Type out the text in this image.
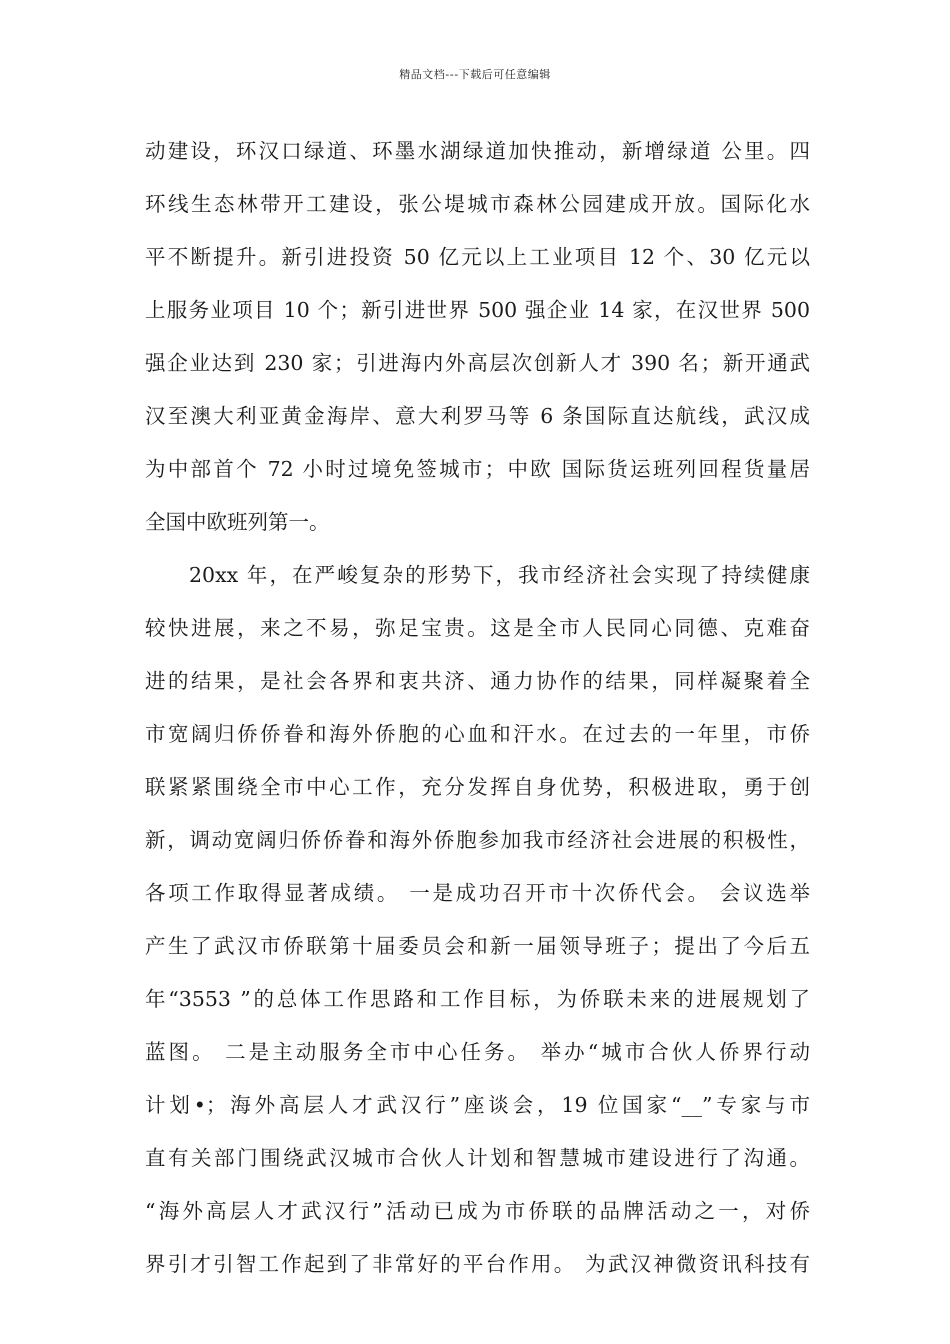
精品文档---下载后可任意编辑
动建设，环汉口绿道、环墨水湖绿道加快推动，新增绿道 公里。四
环线生态林带开工建设，张公堤城市森林公园建成开放。国际化水
平不断提升。新引进投资 50 亿元以上工业项目 12 个、30 亿元以
上服务业项目 10 个；新引进世界 500 强企业 14 家，在汉世界 500
强企业达到 230 家；引进海内外高层次创新人才 390 名；新开通武
汉至澳大利亚黄金海岸、意大利罗马等 6 条国际直达航线，武汉成
为中部首个 72 小时过境免签城市；中欧 国际货运班列回程货量居
全国中欧班列第一。
20xx 年，在严峻复杂的形势下，我市经济社会实现了持续健康
较快进展，来之不易，弥足宝贵。这是全市人民同心同德、克难奋
进的结果，是社会各界和衷共济、通力协作的结果，同样凝聚着全
市宽阔归侨侨眷和海外侨胞的心血和汗水。在过去的一年里，市侨
联紧紧围绕全市中心工作，充分发挥自身优势，积极进取，勇于创
新，调动宽阔归侨侨眷和海外侨胞参加我市经济社会进展的积极性，
各项工作取得显著成绩。 一是成功召开市十次侨代会。 会议选举
产生了武汉市侨联第十届委员会和新一届领导班子；提出了今后五
年“3553 ”的总体工作思路和工作目标，为侨联未来的进展规划了
蓝图。 二是主动服务全市中心任务。 举办“城市合伙人侨界行动
计划•；海外高层人才武汉行”座谈会，19 位国家“__”专家与市
直有关部门围绕武汉城市合伙人计划和智慧城市建设进行了沟通。
“海外高层人才武汉行”活动已成为市侨联的品牌活动之一，对侨
界引才引智工作起到了非常好的平台作用。 为武汉神微资讯科技有
